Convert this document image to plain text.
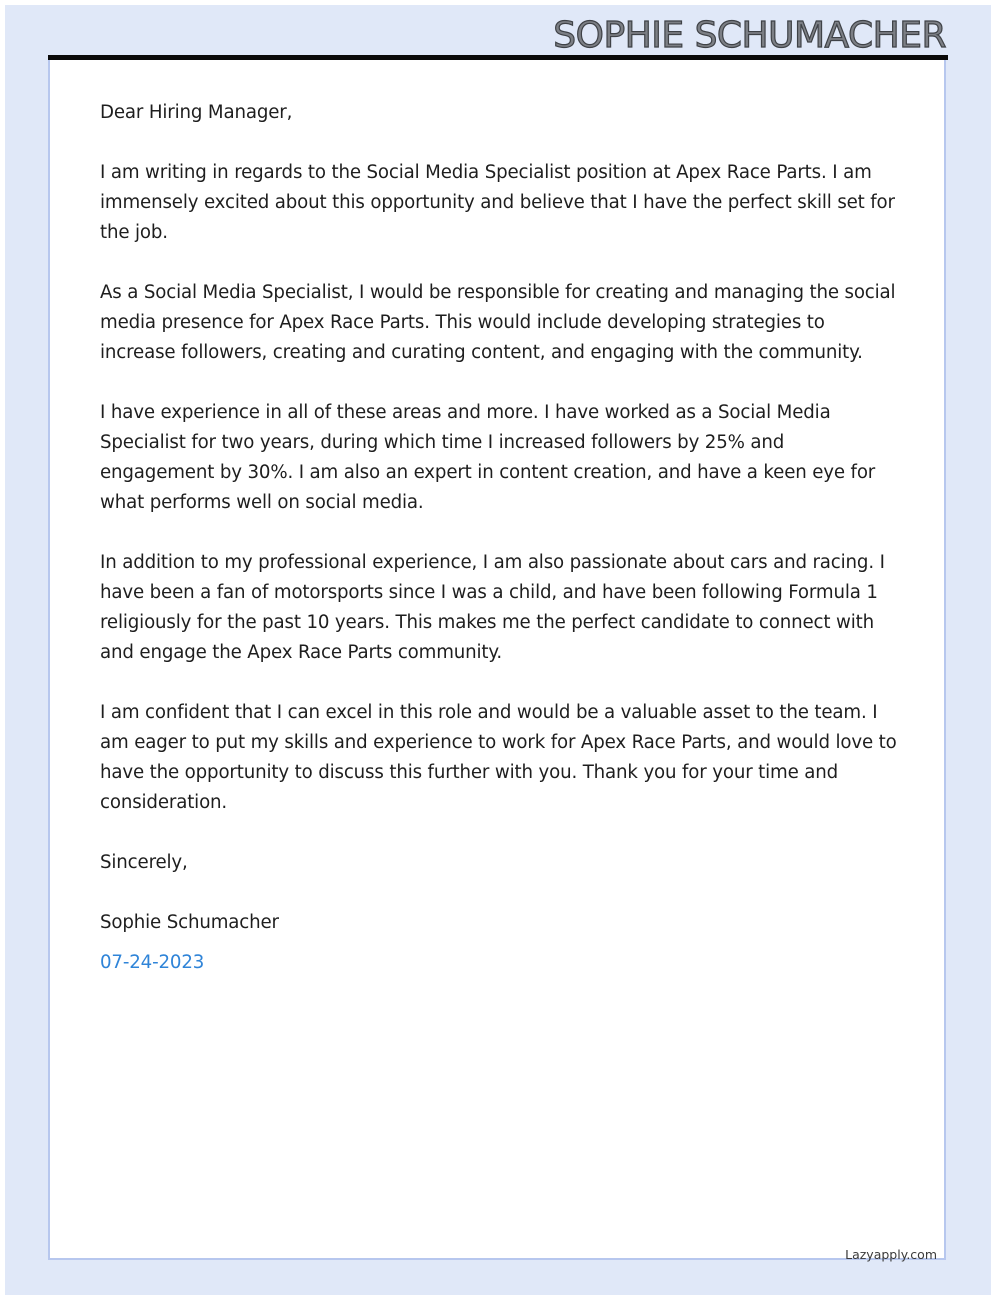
SOPHIE SCHUMACHER

Dear Hiring Manager,

I am writing in regards to the Social Media Specialist position at Apex Race Parts. I am immensely excited about this opportunity and believe that I have the perfect skill set for the job.

As a Social Media Specialist, I would be responsible for creating and managing the social media presence for Apex Race Parts. This would include developing strategies to increase followers, creating and curating content, and engaging with the community.

I have experience in all of these areas and more. I have worked as a Social Media Specialist for two years, during which time I increased followers by 25% and engagement by 30%. I am also an expert in content creation, and have a keen eye for what performs well on social media.

In addition to my professional experience, I am also passionate about cars and racing. I have been a fan of motorsports since I was a child, and have been following Formula 1 religiously for the past 10 years. This makes me the perfect candidate to connect with and engage the Apex Race Parts community.

I am confident that I can excel in this role and would be a valuable asset to the team. I am eager to put my skills and experience to work for Apex Race Parts, and would love to have the opportunity to discuss this further with you. Thank you for your time and consideration.

Sincerely,

Sophie Schumacher

07-24-2023

Lazyapply.com
